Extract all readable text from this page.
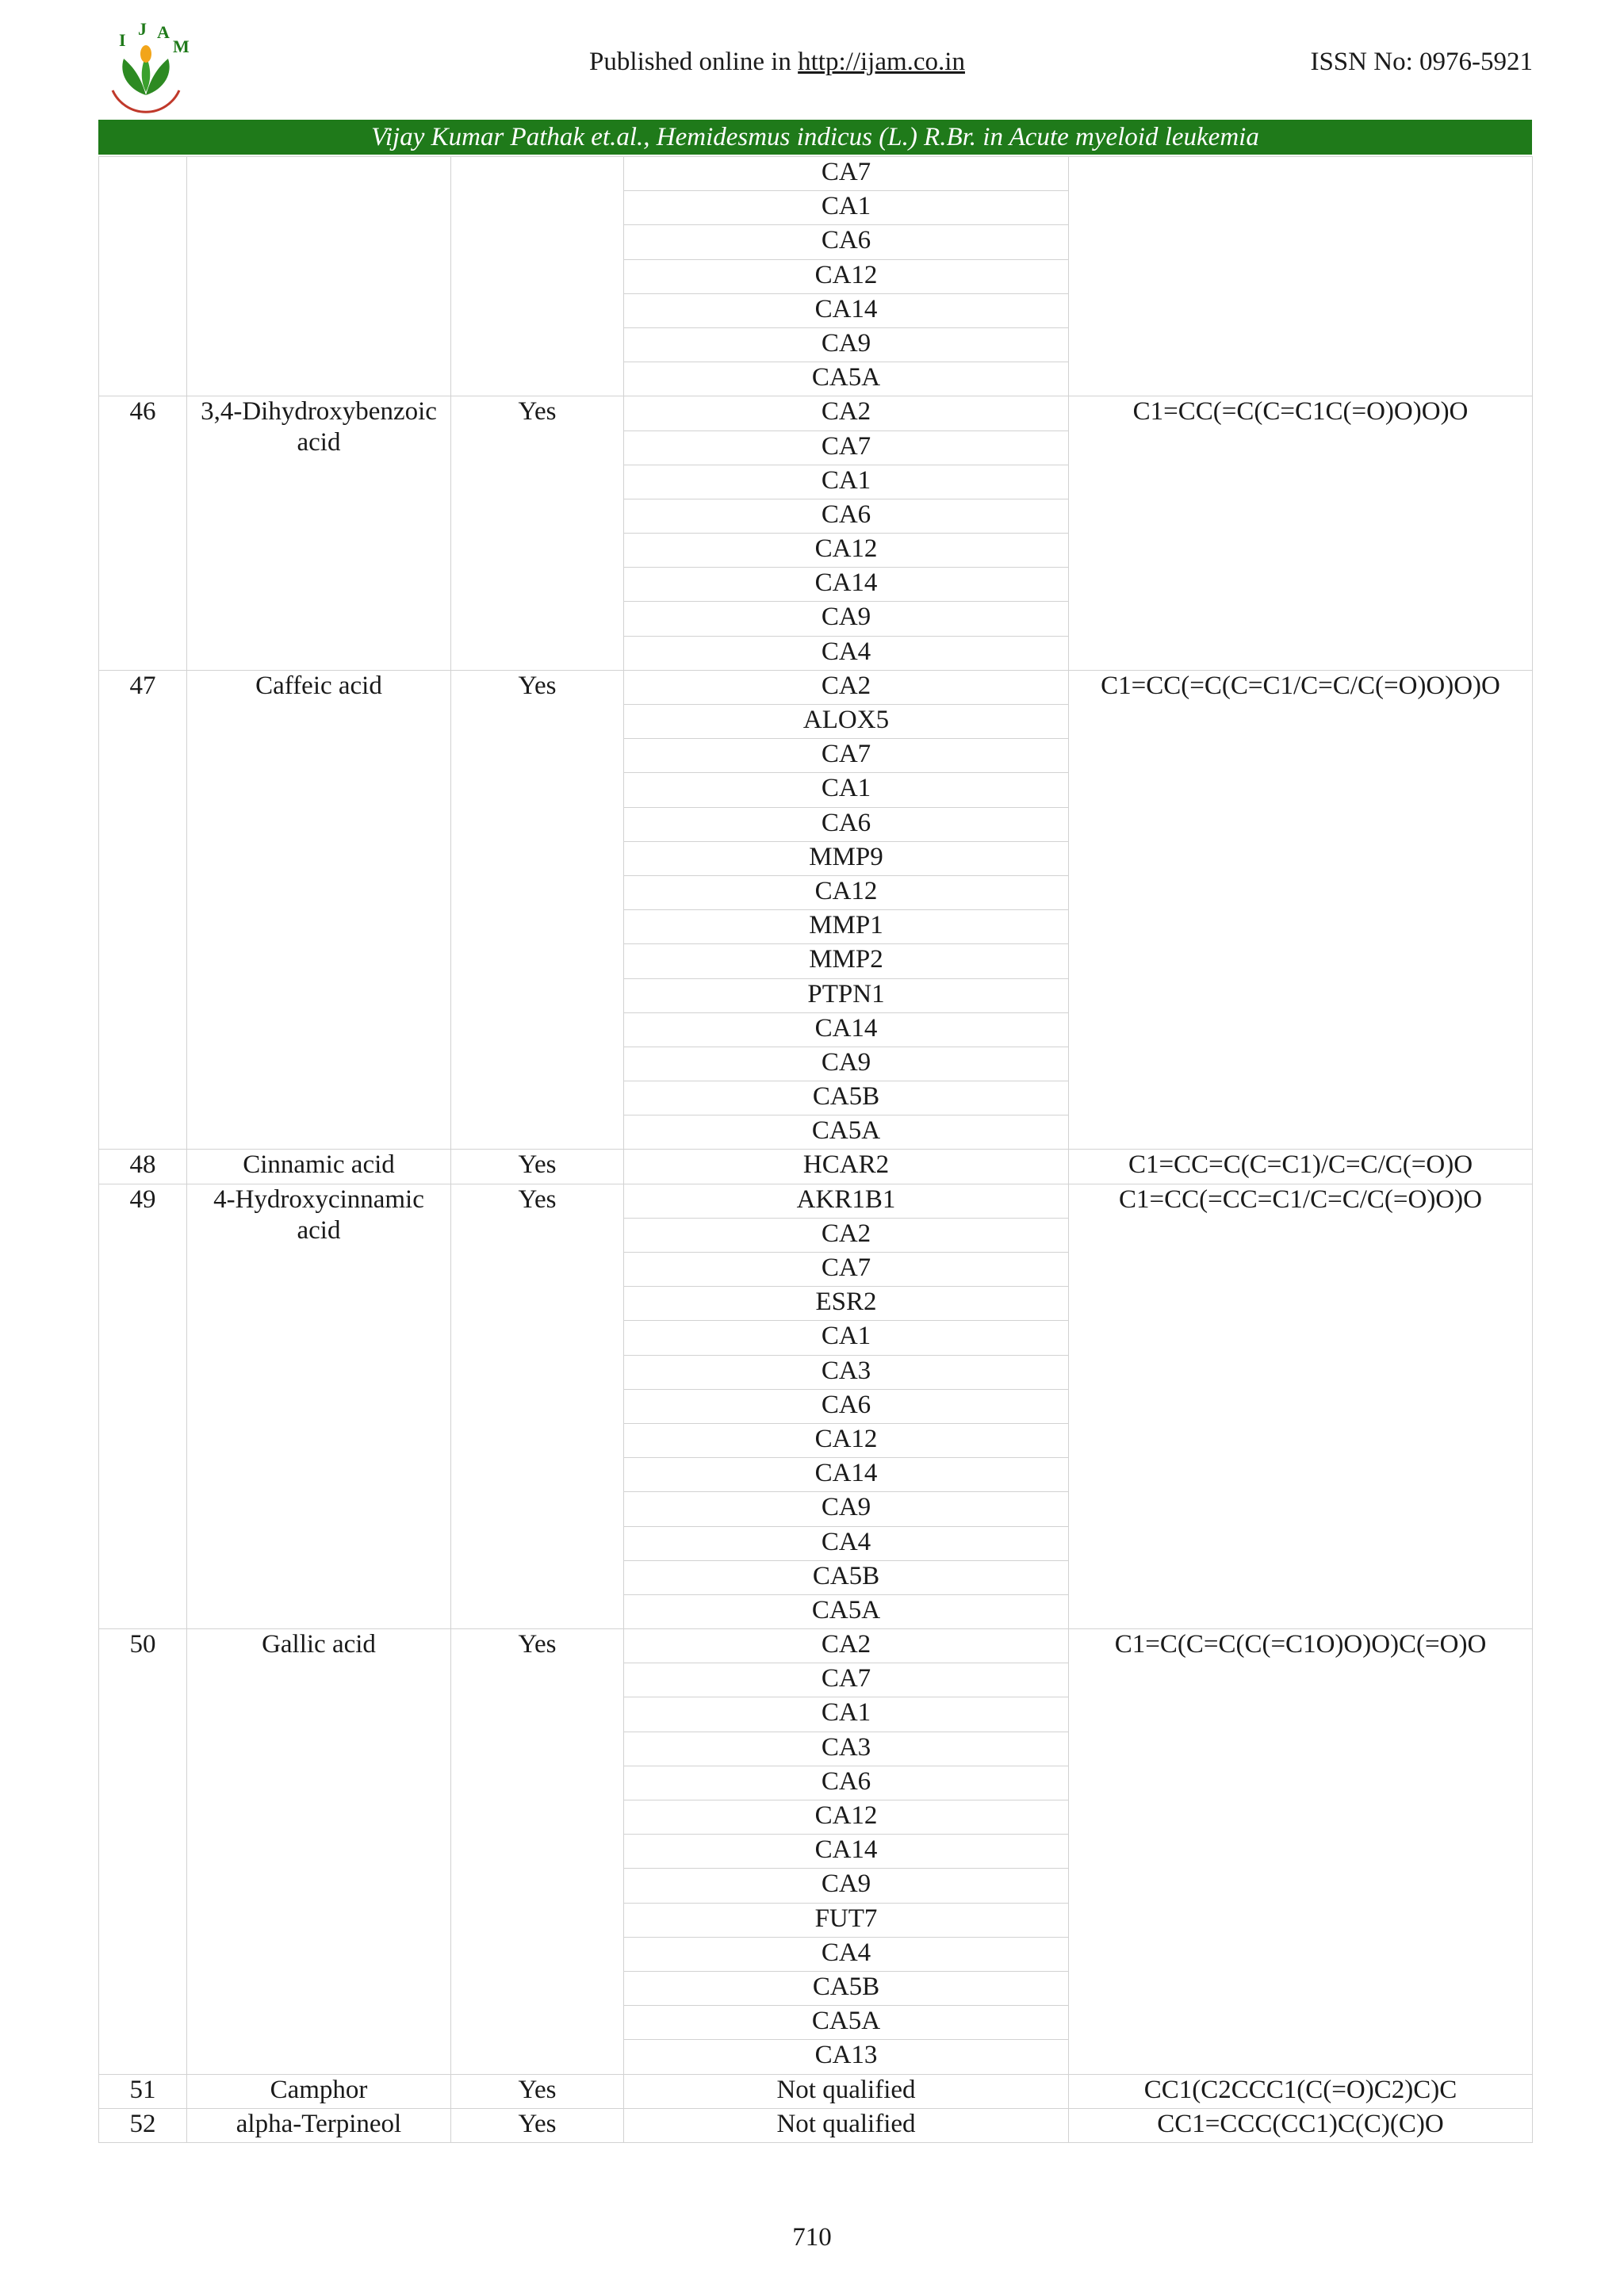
I
J A
M
Published online in http://ijam.co.in	ISSN No: 0976-5921
Vijay Kumar Pathak et.al., Hemidesmus indicus (L.) R.Br. in Acute myeloid leukemia
			CA7	
			CA1	
			CA6	
			CA12	
			CA14	
			CA9	
			CA5A	
46	3,4-Dihydroxybenzoic acid	Yes	CA2	C1=CC(=C(C=C1C(=O)O)O)O
			CA7	
			CA1	
			CA6	
			CA12	
			CA14	
			CA9	
			CA4	
47	Caffeic acid	Yes	CA2	C1=CC(=C(C=C1/C=C/C(=O)O)O)O
			ALOX5	
			CA7	
			CA1	
			CA6	
			MMP9	
			CA12	
			MMP1	
			MMP2	
			PTPN1	
			CA14	
			CA9	
			CA5B	
			CA5A	
48	Cinnamic acid	Yes	HCAR2	C1=CC=C(C=C1)/C=C/C(=O)O
49	4-Hydroxycinnamic acid	Yes	AKR1B1	C1=CC(=CC=C1/C=C/C(=O)O)O
			CA2	
			CA7	
			ESR2	
			CA1	
			CA3	
			CA6	
			CA12	
			CA14	
			CA9	
			CA4	
			CA5B	
			CA5A	
50	Gallic acid	Yes	CA2	C1=C(C=C(C(=C1O)O)O)C(=O)O
			CA7	
			CA1	
			CA3	
			CA6	
			CA12	
			CA14	
			CA9	
			FUT7	
			CA4	
			CA5B	
			CA5A	
			CA13	
51	Camphor	Yes	Not qualified	CC1(C2CCC1(C(=O)C2)C)C
52	alpha-Terpineol	Yes	Not qualified	CC1=CCC(CC1)C(C)(C)O
710
